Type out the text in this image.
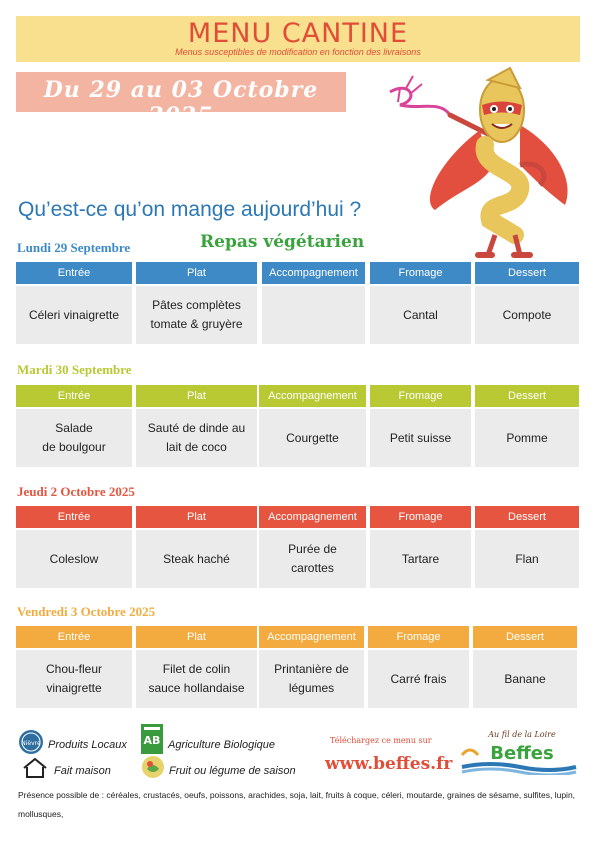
MENU CANTINE
Menus susceptibles de modification en fonction des livraisons
Du 29 au 03 Octobre 2025
Qu’est-ce qu’on mange aujourd’hui ?
Repas végétarien
Lundi 29 Septembre
Entrée
Céleri vinaigrette
Plat
Pâtes complètes
tomate & gruyère
Accompagnement	Fromage
Cantal
Dessert
Compote
Mardi 30 Septembre
Entrée
Salade
de boulgour
Plat
Sauté de dinde au
lait de coco
Accompagnement
Courgette
Fromage
Petit suisse
Dessert
Pomme
Jeudi 2 Octobre 2025
Entrée
Coleslow
Plat
Steak haché
Accompagnement
Purée de
carottes
Fromage
Tartare
Dessert
Flan
Vendredi 3 Octobre 2025
Entrée
Chou-fleur
vinaigrette
Plat
Filet de colin
sauce hollandaise
Accompagnement
Printanière de
légumes
Fromage
Carré frais
Dessert
Banane
Nièvre Produits Locaux AB Agriculture Biologique
Fait maison	Fruit ou légume de saison
Téléchargez ce menu sur
www.beffes.fr
Au fil de la Loire
Beffes
Présence possible de : céréales, crustacés, oeufs, poissons, arachides, soja, lait, fruits à coque, céleri, moutarde, graines de sésame, sulfites, lupin, mollusques,
